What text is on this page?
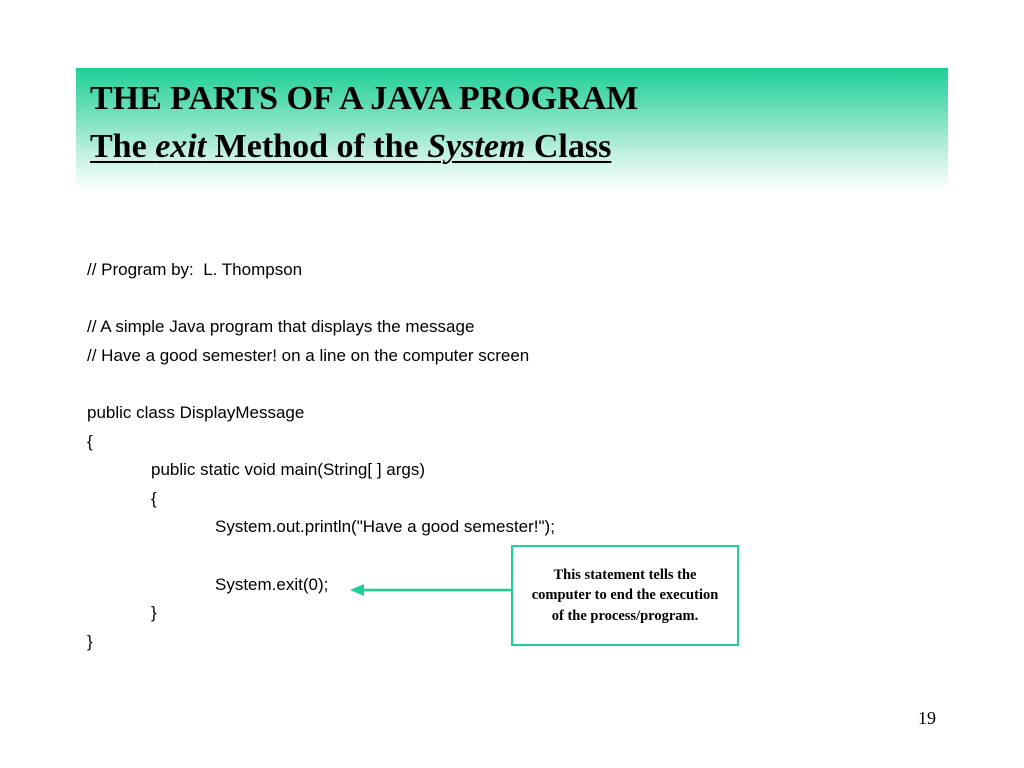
THE PARTS OF A JAVA PROGRAM
The exit Method of the System Class
// Program by:  L. Thompson
// A simple Java program that displays the message
// Have a good semester! on a line on the computer screen
public class DisplayMessage
{
public static void main(String[ ] args)
{
System.out.println("Have a good semester!");
System.exit(0);
}
}
This statement tells the computer to end the execution of the process/program.
19
